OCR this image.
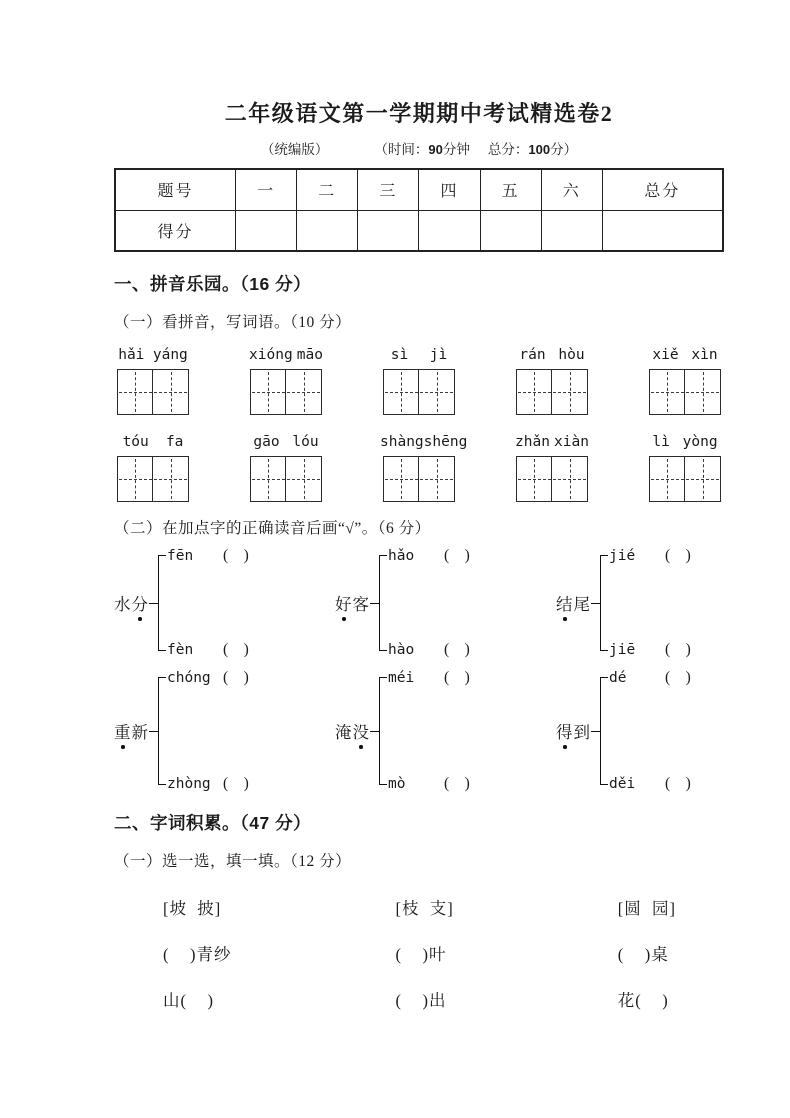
二年级语文第一学期期中考试精选卷2
（统编版）	（时间：90分钟 总分：100分）
题号	一	二	三	四	五	六	总分
得分							
一、拼音乐园。（16 分）
（一）看拼音，写词语。（10 分）
hǎi yáng	xióng māo	sì jì	rán hòu	xiě xìn
tóu fa	gāo lóu	shàng shēng	zhǎn xiàn	lì yòng
（二）在加点字的正确读音后画“√”。（6 分）
水分
fēn	(    )
fèn	(    )
好客
hǎo	(    )
hào	(    )
结尾
jié	(    )
jiē	(    )
重新
chóng (    )
zhòng (    )
淹没
méi	(    )
mò	(    )
得到
dé	(    )
děi	(    )
二、字词积累。（47 分）
（一）选一选，填一填。（12 分）
[坡  披]
(    )青纱
山(    )
[枝  支]
(    )叶
(    )出
[圆  园]
(    )桌
花(    )
